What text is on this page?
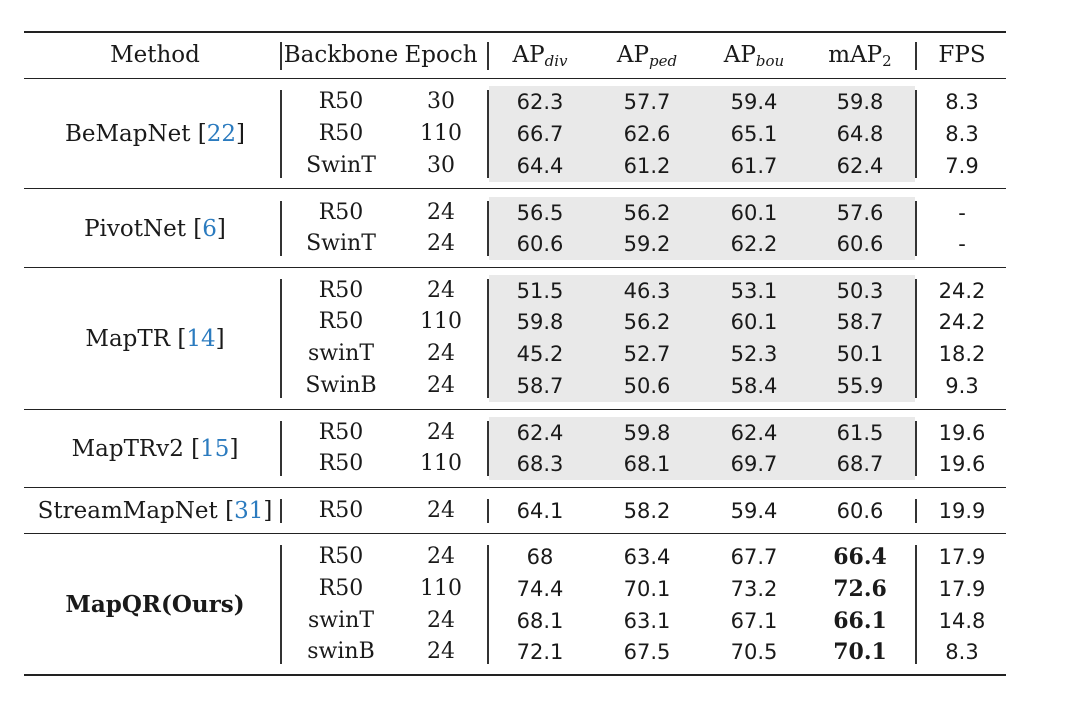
Method	Backbone Epoch	$AP_{div}$	$AP_{ped}$	$AP_{bou}$	mAP$_2$	FPS
BeMapNet [22]
R50	30	62.3	57.7	59.4	59.8	8.3
R50	110	66.7	62.6	65.1	64.8	8.3
SwinT	30	64.4	61.2	61.7	62.4	7.9
PivotNet [6]
R50	24	56.5	56.2	60.1	57.6	-
SwinT	24	60.6	59.2	62.2	60.6	-
MapTR [14]
R50	24	51.5	46.3	53.1	50.3	24.2
R50	110	59.8	56.2	60.1	58.7	24.2
swinT	24	45.2	52.7	52.3	50.1	18.2
SwinB	24	58.7	50.6	58.4	55.9	9.3
MapTRv2 [15]
R50	24	62.4	59.8	62.4	61.5	19.6
R50	110	68.3	68.1	69.7	68.7	19.6
StreamMapNet [31]	R50	24	64.1	58.2	59.4	60.6	19.9
MapQR(Ours)
R50	24	68	63.4	67.7	66.4	17.9
R50	110	74.4	70.1	73.2	72.6	17.9
swinT	24	68.1	63.1	67.1	66.1	14.8
swinB	24	72.1	67.5	70.5	70.1	8.3
